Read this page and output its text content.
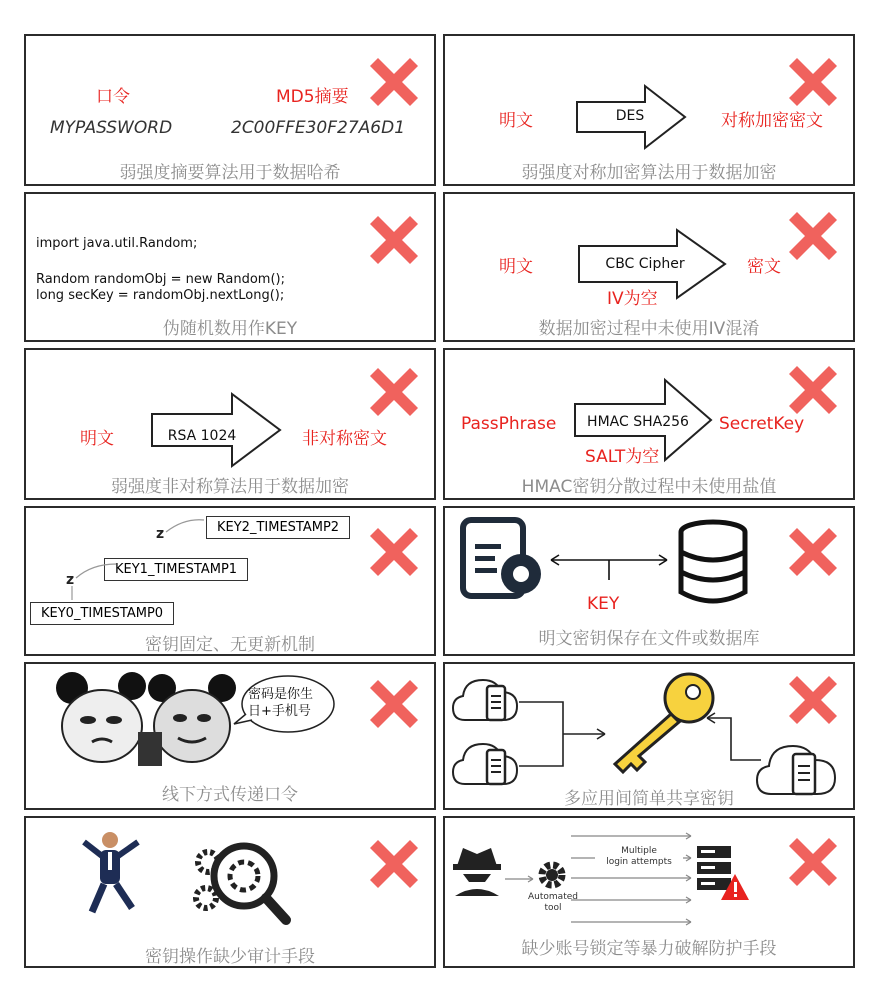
口令	MD5摘要
MYPASSWORD	2C00FFE30F27A6D1
弱强度摘要算法用于数据哈希
明文	DES	对称加密密文
弱强度对称加密算法用于数据加密
import java.util.Random;
Random randomObj = new Random();
long secKey = randomObj.nextLong();
伪随机数用作KEY
明文	CBC Cipher
IV为空
密文
数据加密过程中未使用IV混淆
明文	RSA 1024	非对称密文
弱强度非对称算法用于数据加密
PassPhrase HMAC SHA256
SALT为空
SecretKey
HMAC密钥分散过程中未使用盐值
KEY2_TIMESTAMP2
KEY1_TIMESTAMP1
KEY0_TIMESTAMP0
z
z
密钥固定、无更新机制
KEY
明文密钥保存在文件或数据库
密码是你生
日+手机号
线下方式传递口令	多应用间简单共享密钥
密钥操作缺少审计手段
Automated
tool
Multiple
login attempts
缺少账号锁定等暴力破解防护手段
